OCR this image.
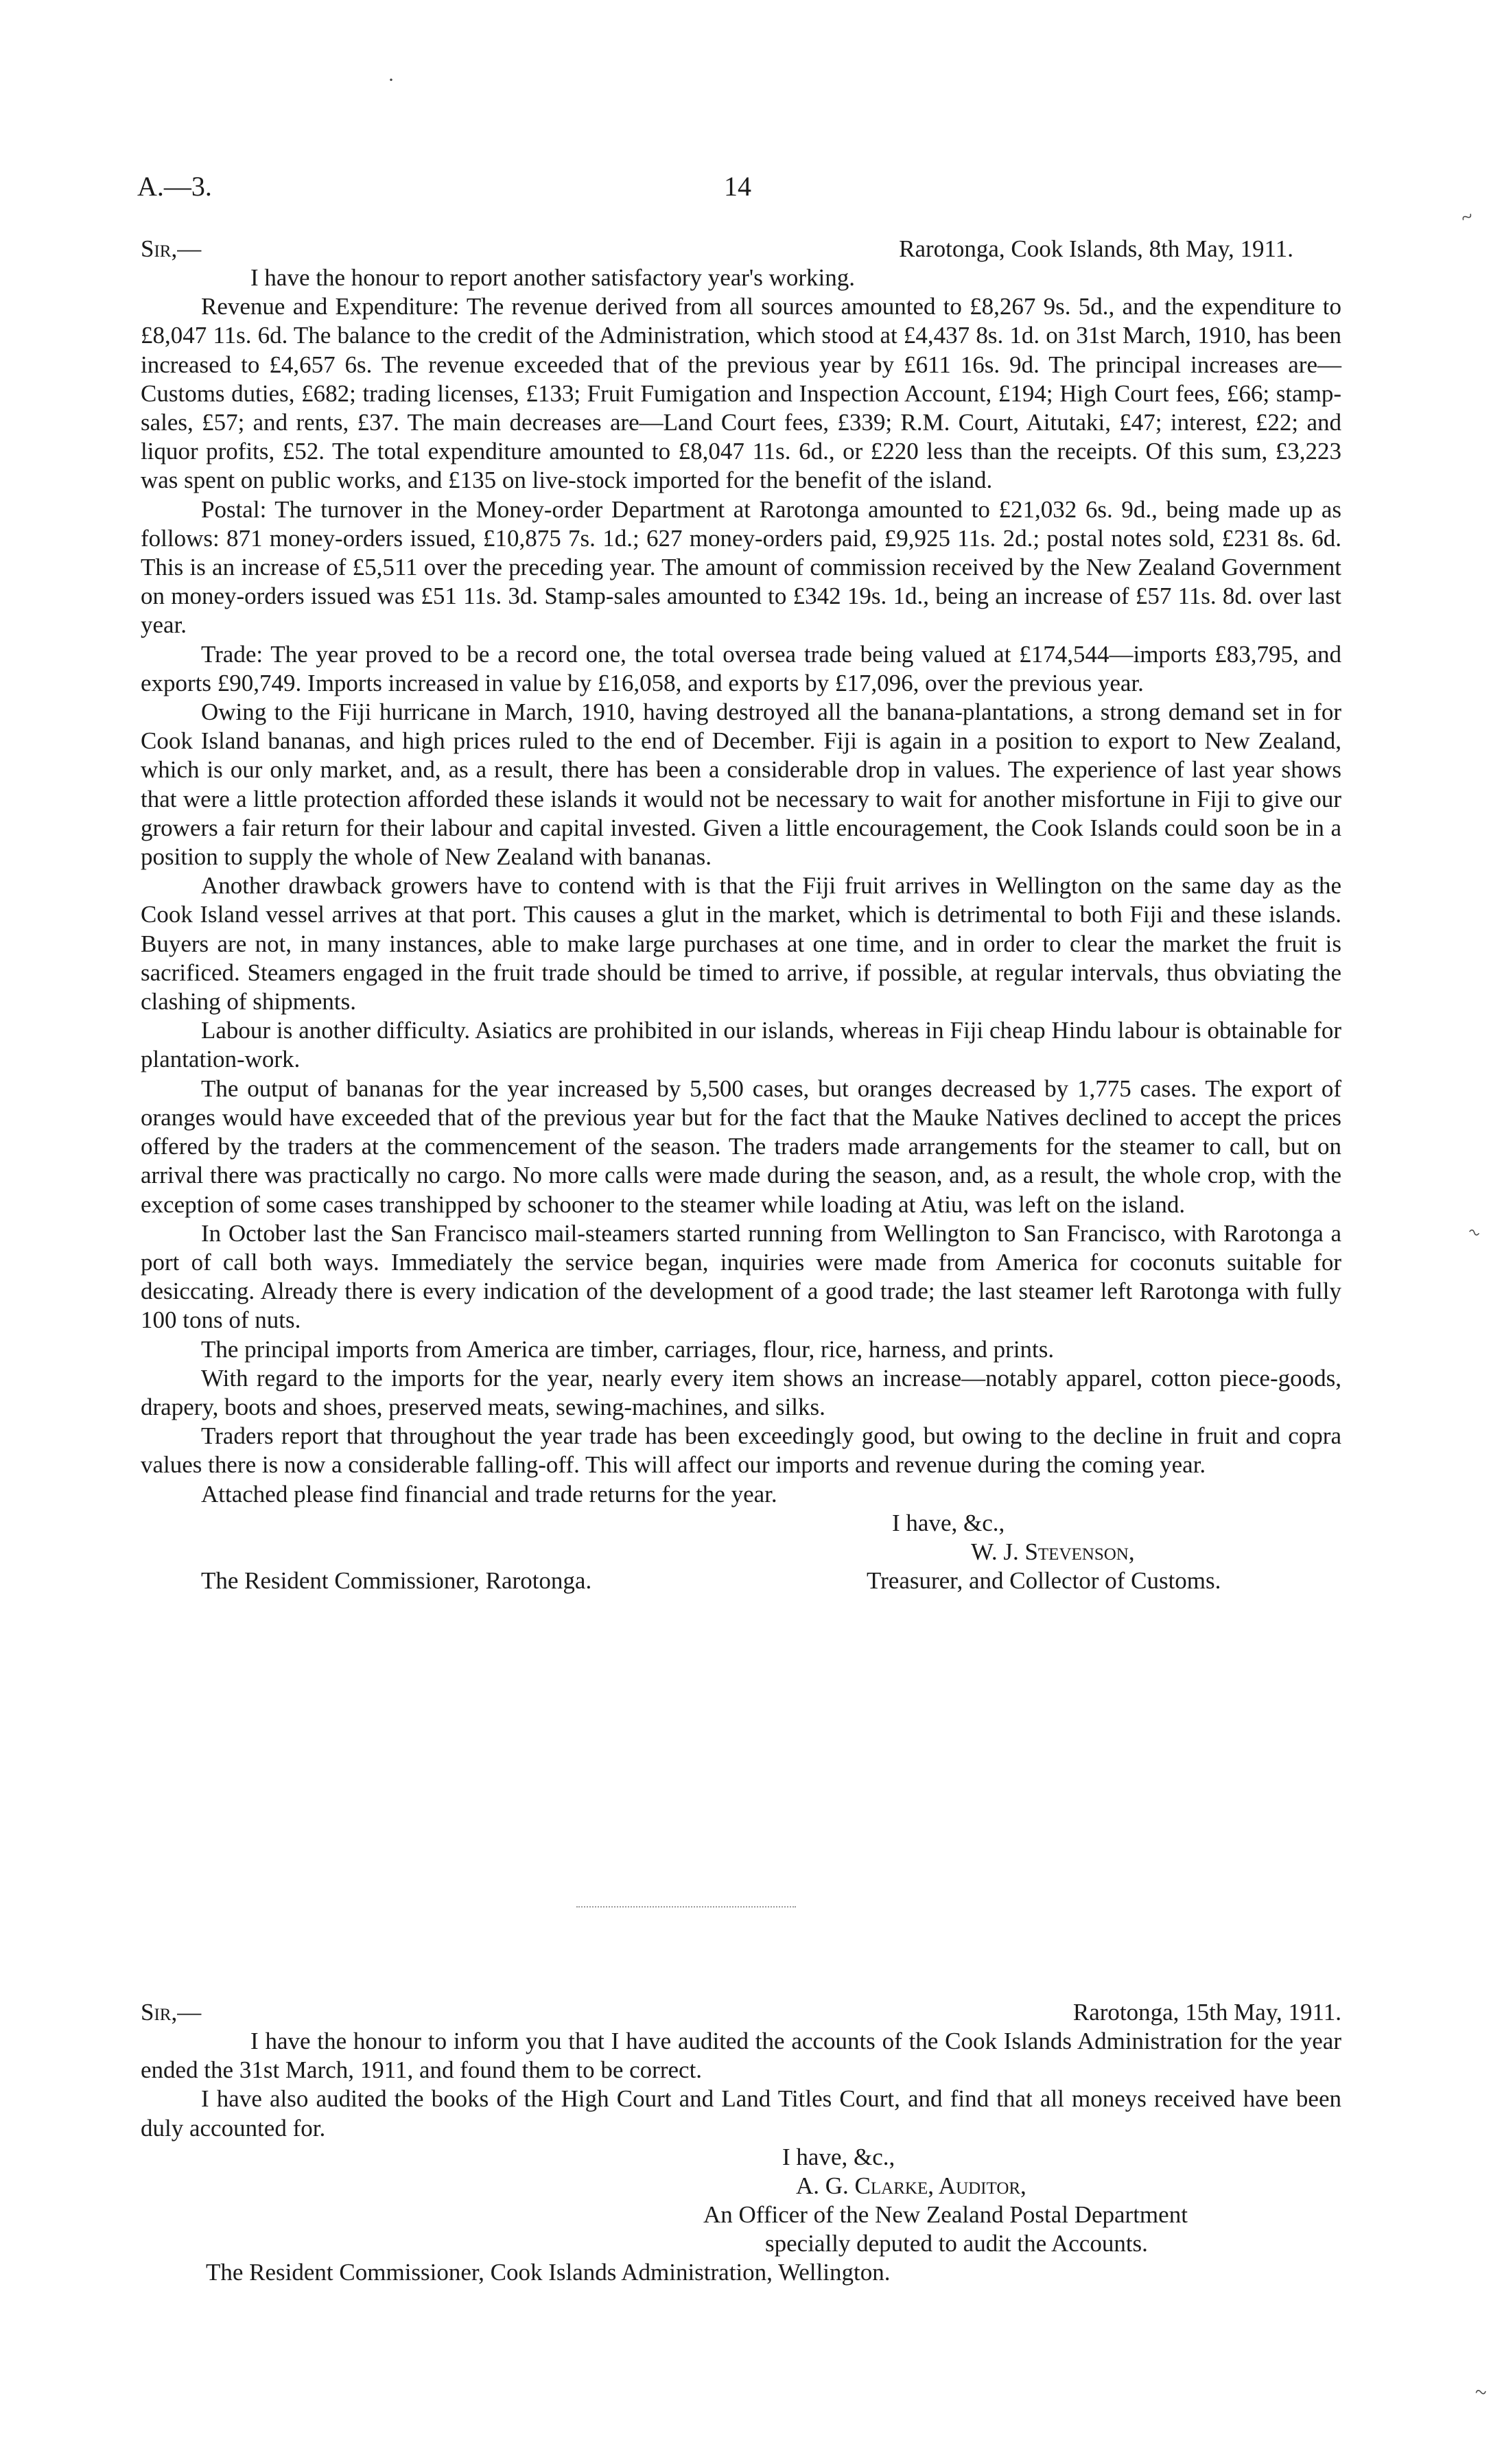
A.—3.	14
Sir,—	Rarotonga, Cook Islands, 8th May, 1911.

I have the honour to report another satisfactory year's working.

Revenue and Expenditure: The revenue derived from all sources amounted to £8,267 9s. 5d., and the expenditure to £8,047 11s. 6d. The balance to the credit of the Administration, which stood at £4,437 8s. 1d. on 31st March, 1910, has been increased to £4,657 6s. The revenue exceeded that of the previous year by £611 16s. 9d. The principal increases are—Customs duties, £682; trading licenses, £133; Fruit Fumigation and Inspection Account, £194; High Court fees, £66; stamp-sales, £57; and rents, £37. The main decreases are—Land Court fees, £339; R.M. Court, Aitutaki, £47; interest, £22; and liquor profits, £52. The total expenditure amounted to £8,047 11s. 6d., or £220 less than the receipts. Of this sum, £3,223 was spent on public works, and £135 on live-stock imported for the benefit of the island.

Postal: The turnover in the Money-order Department at Rarotonga amounted to £21,032 6s. 9d., being made up as follows: 871 money-orders issued, £10,875 7s. 1d.; 627 money-orders paid, £9,925 11s. 2d.; postal notes sold, £231 8s. 6d. This is an increase of £5,511 over the preceding year. The amount of commission received by the New Zealand Government on money-orders issued was £51 11s. 3d. Stamp-sales amounted to £342 19s. 1d., being an increase of £57 11s. 8d. over last year.

Trade: The year proved to be a record one, the total oversea trade being valued at £174,544—imports £83,795, and exports £90,749. Imports increased in value by £16,058, and exports by £17,096, over the previous year.

Owing to the Fiji hurricane in March, 1910, having destroyed all the banana-plantations, a strong demand set in for Cook Island bananas, and high prices ruled to the end of December. Fiji is again in a position to export to New Zealand, which is our only market, and, as a result, there has been a considerable drop in values. The experience of last year shows that were a little protection afforded these islands it would not be necessary to wait for another misfortune in Fiji to give our growers a fair return for their labour and capital invested. Given a little encouragement, the Cook Islands could soon be in a position to supply the whole of New Zealand with bananas.

Another drawback growers have to contend with is that the Fiji fruit arrives in Wellington on the same day as the Cook Island vessel arrives at that port. This causes a glut in the market, which is detrimental to both Fiji and these islands. Buyers are not, in many instances, able to make large purchases at one time, and in order to clear the market the fruit is sacrificed. Steamers engaged in the fruit trade should be timed to arrive, if possible, at regular intervals, thus obviating the clashing of shipments.

Labour is another difficulty. Asiatics are prohibited in our islands, whereas in Fiji cheap Hindu labour is obtainable for plantation-work.

The output of bananas for the year increased by 5,500 cases, but oranges decreased by 1,775 cases. The export of oranges would have exceeded that of the previous year but for the fact that the Mauke Natives declined to accept the prices offered by the traders at the commencement of the season. The traders made arrangements for the steamer to call, but on arrival there was practically no cargo. No more calls were made during the season, and, as a result, the whole crop, with the exception of some cases transhipped by schooner to the steamer while loading at Atiu, was left on the island.

In October last the San Francisco mail-steamers started running from Wellington to San Francisco, with Rarotonga a port of call both ways. Immediately the service began, inquiries were made from America for coconuts suitable for desiccating. Already there is every indication of the development of a good trade; the last steamer left Rarotonga with fully 100 tons of nuts.

The principal imports from America are timber, carriages, flour, rice, harness, and prints.

With regard to the imports for the year, nearly every item shows an increase—notably apparel, cotton piece-goods, drapery, boots and shoes, preserved meats, sewing-machines, and silks.

Traders report that throughout the year trade has been exceedingly good, but owing to the decline in fruit and copra values there is now a considerable falling-off. This will affect our imports and revenue during the coming year.

Attached please find financial and trade returns for the year.

I have, &c.,
W. J. Stevenson,
The Resident Commissioner, Rarotonga.	Treasurer, and Collector of Customs.
Sir,—	Rarotonga, 15th May, 1911.

I have the honour to inform you that I have audited the accounts of the Cook Islands Administration for the year ended the 31st March, 1911, and found them to be correct.

I have also audited the books of the High Court and Land Titles Court, and find that all moneys received have been duly accounted for.

I have, &c.,
A. G. Clarke, Auditor,
An Officer of the New Zealand Postal Department
specially deputed to audit the Accounts.
The Resident Commissioner, Cook Islands Administration, Wellington.
·
~
~
~
